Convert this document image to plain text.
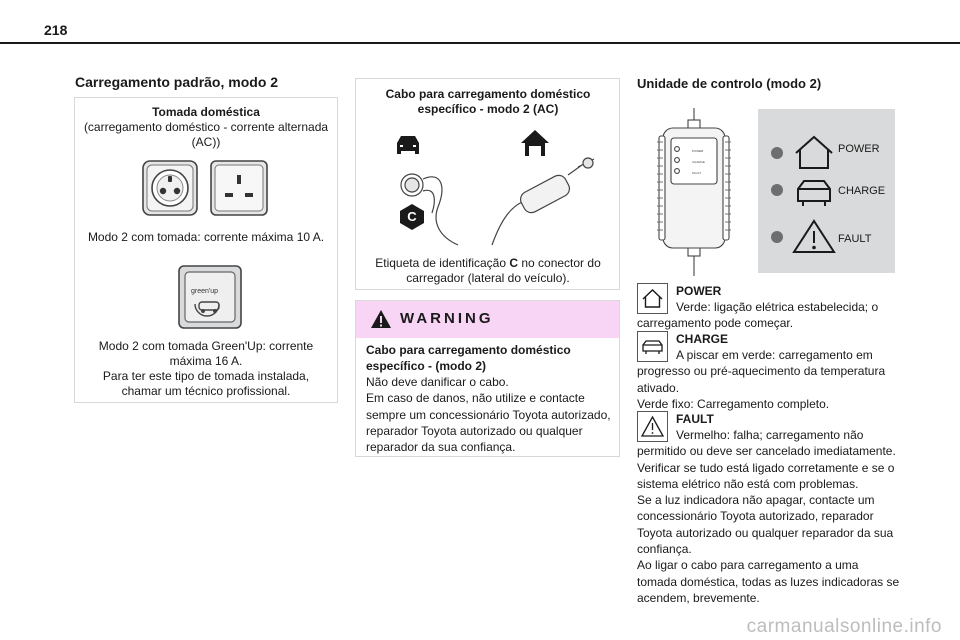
218
Carregamento padrão, modo 2
Tomada doméstica
(carregamento doméstico - corrente alternada (AC))
Modo 2 com tomada: corrente máxima 10 A.
green'up
Modo 2 com tomada Green'Up: corrente máxima 16 A.
Para ter este tipo de tomada instalada, chamar um técnico profissional.
Cabo para carregamento doméstico específico - modo 2 (AC)
C
Etiqueta de identificação C no conector do carregador (lateral do veículo).
WARNING
Cabo para carregamento doméstico específico - (modo 2)
Não deve danificar o cabo.
Em caso de danos, não utilize e contacte sempre um concessionário Toyota autorizado, reparador Toyota autorizado ou qualquer reparador da sua confiança.
Unidade de controlo (modo 2)
POWER
CHARGE
FAULT
POWER
CHARGE
FAULT
POWER
Verde: ligação elétrica estabelecida; o carregamento pode começar.
CHARGE
A piscar em verde: carregamento em progresso ou pré-aquecimento da temperatura ativado.
Verde fixo: Carregamento completo.
FAULT
Vermelho: falha; carregamento não permitido ou deve ser cancelado imediatamente.
Verificar se tudo está ligado corretamente e se o sistema elétrico não está com problemas.
Se a luz indicadora não apagar, contacte um concessionário Toyota autorizado, reparador Toyota autorizado ou qualquer reparador da sua confiança.
Ao ligar o cabo para carregamento a uma tomada doméstica, todas as luzes indicadoras se acendem, brevemente.
carmanualsonline.info
